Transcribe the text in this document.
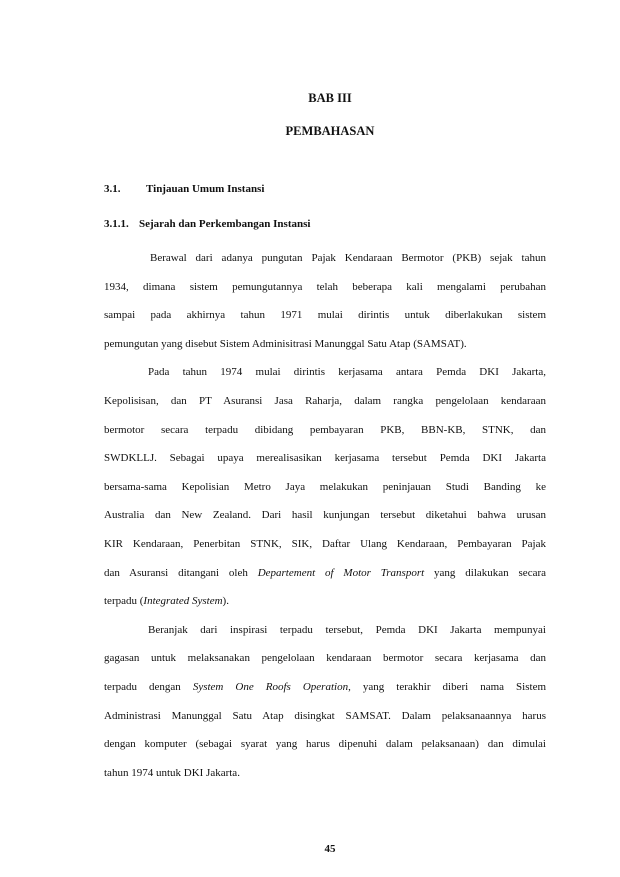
BAB III
PEMBAHASAN
3.1. Tinjauan Umum Instansi
3.1.1. Sejarah dan Perkembangan Instansi
Berawal dari adanya pungutan Pajak Kendaraan Bermotor (PKB) sejak tahun
1934, dimana sistem pemungutannya telah beberapa kali mengalami perubahan
sampai pada akhirnya tahun 1971 mulai dirintis untuk diberlakukan sistem
pemungutan yang disebut Sistem Adminisitrasi Manunggal Satu Atap (SAMSAT).
Pada tahun 1974 mulai dirintis kerjasama antara Pemda DKI Jakarta,
Kepolisisan, dan PT Asuransi Jasa Raharja, dalam rangka pengelolaan kendaraan
bermotor secara terpadu dibidang pembayaran PKB, BBN-KB, STNK, dan
SWDKLLJ. Sebagai upaya merealisasikan kerjasama tersebut Pemda DKI Jakarta
bersama-sama Kepolisian Metro Jaya melakukan peninjauan Studi Banding ke
Australia dan New Zealand. Dari hasil kunjungan tersebut diketahui bahwa urusan
KIR Kendaraan, Penerbitan STNK, SIK, Daftar Ulang Kendaraan, Pembayaran Pajak
dan Asuransi ditangani oleh Departement of Motor Transport yang dilakukan secara
terpadu (Integrated System).
Beranjak dari inspirasi terpadu tersebut, Pemda DKI Jakarta mempunyai
gagasan untuk melaksanakan pengelolaan kendaraan bermotor secara kerjasama dan
terpadu dengan System One Roofs Operation, yang terakhir diberi nama Sistem
Administrasi Manunggal Satu Atap disingkat SAMSAT. Dalam pelaksanaannya harus
dengan komputer (sebagai syarat yang harus dipenuhi dalam pelaksanaan) dan dimulai
tahun 1974 untuk DKI Jakarta.
45
